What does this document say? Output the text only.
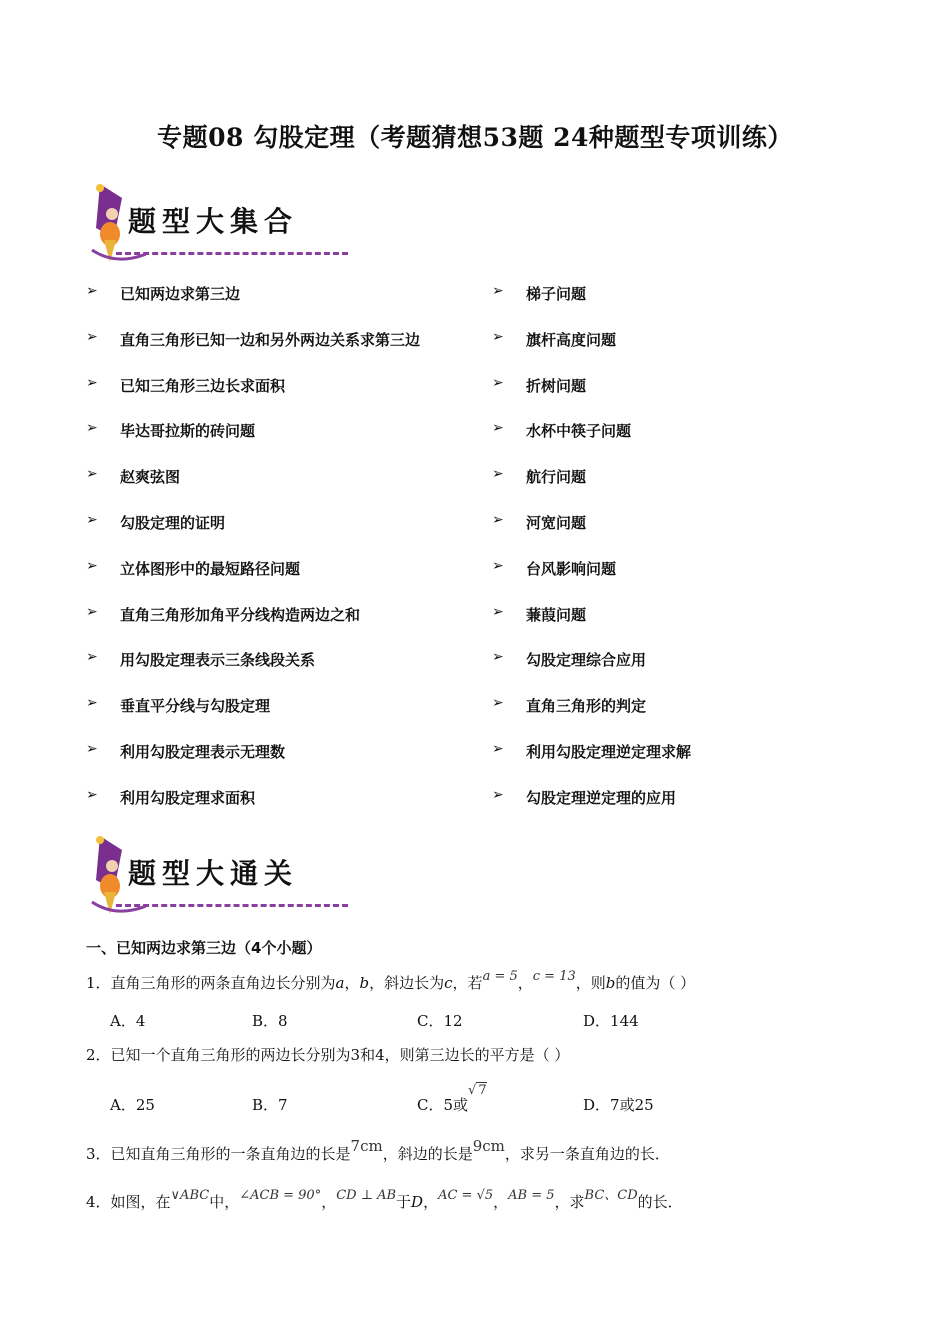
专题08 勾股定理（考题猜想53题 24种题型专项训练）
题型大集合
➢ 已知两边求第三边
➢ 直角三角形已知一边和另外两边关系求第三边
➢ 已知三角形三边长求面积
➢ 毕达哥拉斯的砖问题
➢ 赵爽弦图
➢ 勾股定理的证明
➢ 立体图形中的最短路径问题
➢ 直角三角形加角平分线构造两边之和
➢ 用勾股定理表示三条线段关系
➢ 垂直平分线与勾股定理
➢ 利用勾股定理表示无理数
➢ 利用勾股定理求面积
➢ 梯子问题
➢ 旗杆高度问题
➢ 折树问题
➢ 水杯中筷子问题
➢ 航行问题
➢ 河宽问题
➢ 台风影响问题
➢ 蒹葭问题
➢ 勾股定理综合应用
➢ 直角三角形的判定
➢ 利用勾股定理逆定理求解
➢ 勾股定理逆定理的应用
题型大通关
一、已知两边求第三边（4个小题）
1．直角三角形的两条直角边长分别为a，b，斜边长为c，若a = 5，c = 13，则b的值为（ ）
A．4	B．8	C．12	D．144
2．已知一个直角三角形的两边长分别为3和4，则第三边长的平方是（ ）
A．25	B．7	C．5或√ 7
D．7或25
3．已知直角三角形的一条直角边的长是7cm，斜边的长是9cm，求另一条直角边的长．
4．如图，在∨ABC中，∠ACB = 90°，CD ⊥ AB于D，AC = √5，AB = 5，求BC、CD的长．
